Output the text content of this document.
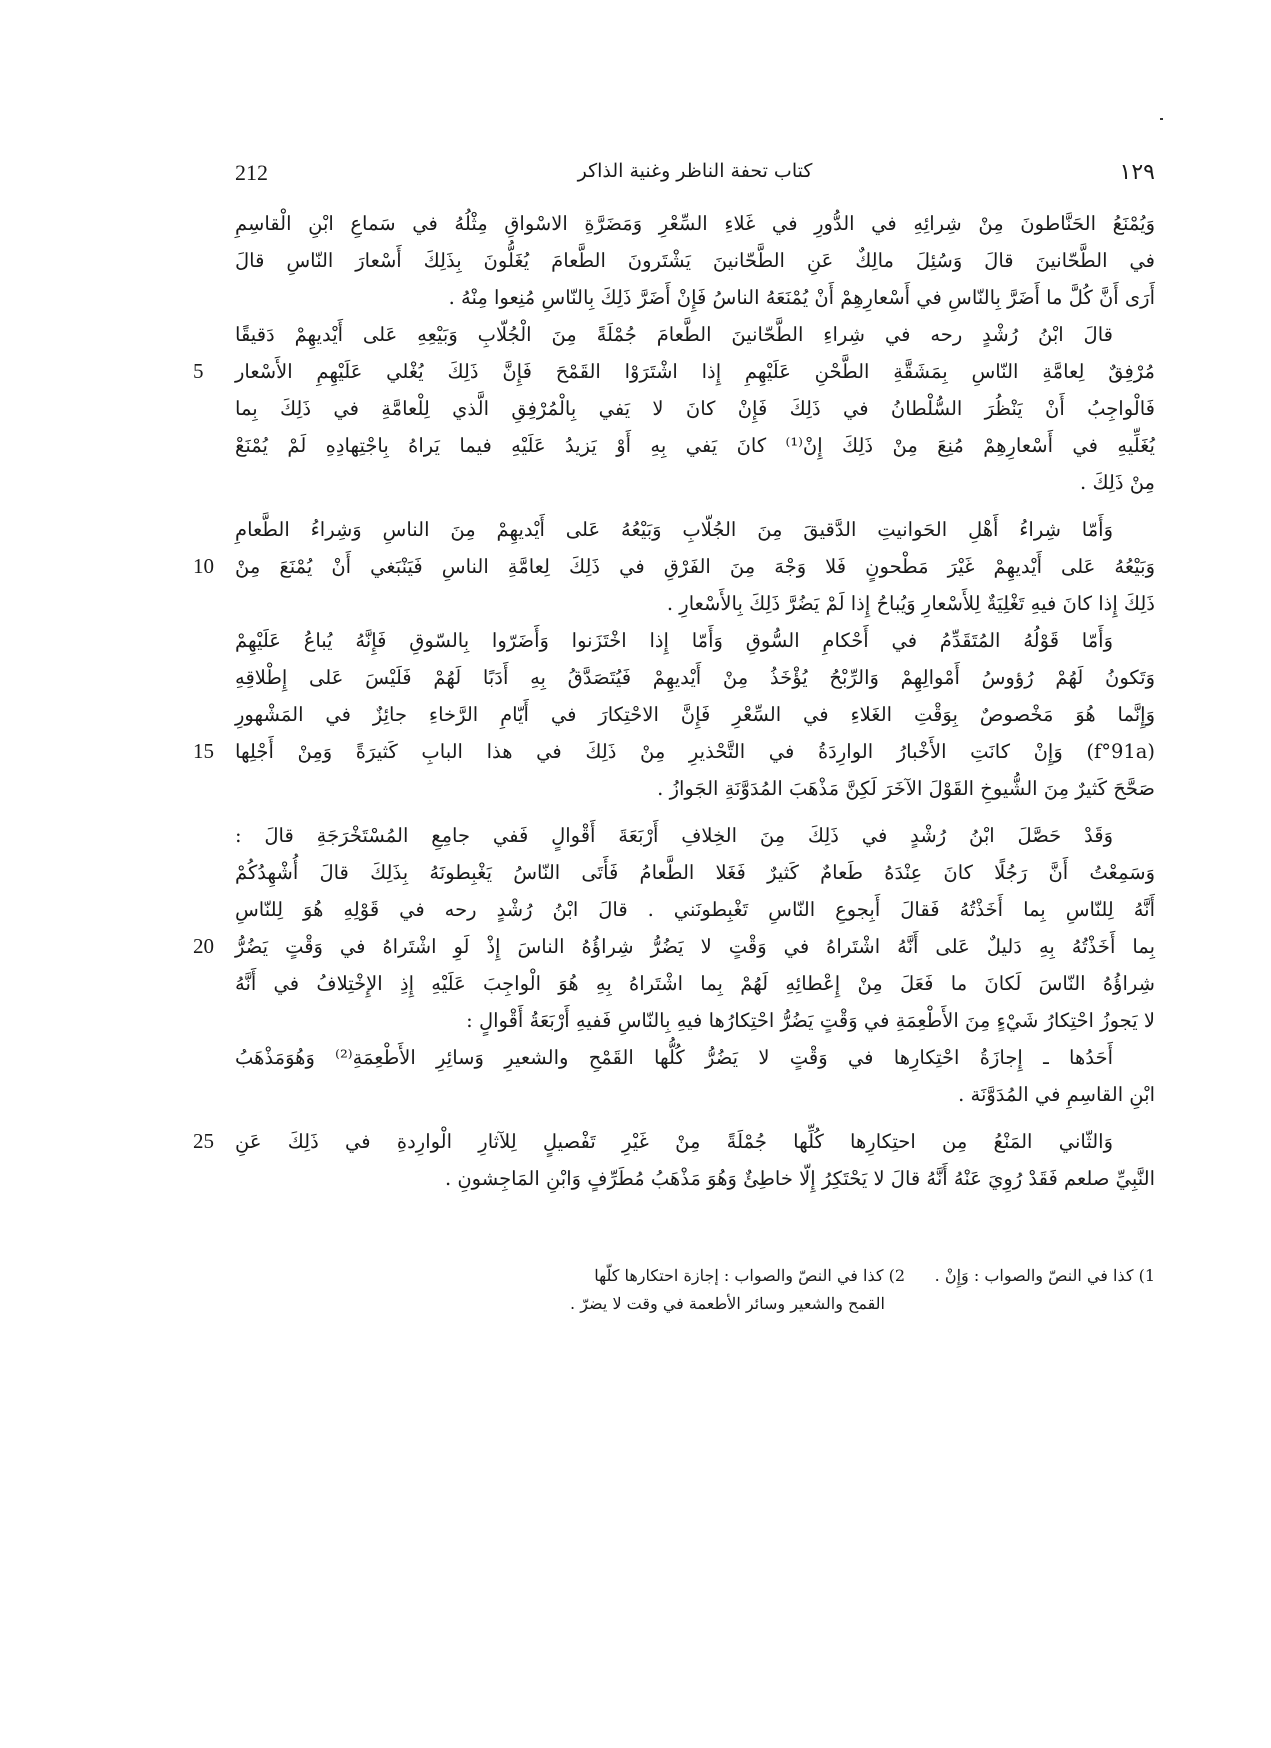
212	كتاب تحفة الناظر وغنية الذاكر	١٢٩
وَيُمْنَعُ الحَنَّاطونَ مِنْ شِرائِهِ في الدُّورِ في غَلاءِ السِّعْرِ وَمَضَرَّةِ الاسْواقِ مِثْلُهُ في سَماعِ ابْنِ الْقاسِمِ
في الطَّحّانينَ قالَ وَسُئِلَ مالِكٌ عَنِ الطَّحّانينَ يَشْتَرونَ الطَّعامَ يُغَلُّونَ بِذَلِكَ أَسْعارَ النّاسِ قالَ
أَرَى أَنَّ كُلَّ ما أَضَرَّ بِالنّاسِ في أَسْعارِهِمْ أَنْ يُمْنَعَهُ الناسُ فَإِنْ أَضَرَّ ذَلِكَ بِالنّاسِ مُنِعوا مِنْهُ .
قالَ ابْنُ رُشْدٍ رحه في شِراءِ الطَّحّانينَ الطَّعامَ جُمْلَةً مِنَ الْجُلّابِ وَبَيْعِهِ عَلى أَيْديهِمْ دَقيقًا
مُرْفِقٌ لِعامَّةِ النّاسِ بِمَشَقَّةِ الطَّحْنِ عَلَيْهِمِ إِذا اشْتَرَوْا القَمْحَ فَإِنَّ ذَلِكَ يُغْلي عَلَيْهِمِ الأَسْعار
5
فَالْواجِبُ أَنْ يَنْظُرَ السُّلْطانُ في ذَلِكَ فَإِنْ كانَ لا يَفي بِالْمُرْفِقِ الَّذي لِلْعامَّةِ في ذَلِكَ بِما
يُغَلِّيهِ في أَسْعارِهِمْ مُنِعَ مِنْ ذَلِكَ إِنْ⁽¹⁾ كانَ يَفي بِهِ أَوْ يَزيدُ عَلَيْهِ فيما يَراهُ بِاجْتِهادِهِ لَمْ يُمْنَعْ
مِنْ ذَلِكَ .
وَأَمّا شِراءُ أَهْلِ الحَوانيتِ الدَّقيقَ مِنَ الجُلّابِ وَبَيْعُهُ عَلى أَيْديهِمْ مِنَ الناسِ وَشِراءُ الطَّعامِ
وَبَيْعُهُ عَلى أَيْديهِمْ غَيْرَ مَطْحونٍ فَلا وَجْهَ مِنَ الفَرْقِ في ذَلِكَ لِعامَّةِ الناسِ فَيَنْبَغي أَنْ يُمْنَعَ مِنْ
10
ذَلِكَ إِذا كانَ فيهِ تَغْلِيَةٌ لِلأَسْعارِ وَيُباحُ إِذا لَمْ يَضُرَّ ذَلِكَ بِالأَسْعارِ .
وَأَمّا قَوْلُهُ المُتَقَدِّمُ في أَحْكامِ السُّوقِ وَأَمّا إِذا اخْتَزَنوا وَأَضَرّوا بِالسّوقِ فَإِنَّهُ يُباعُ عَلَيْهِمْ
وَتَكونُ لَهُمْ رُؤوسُ أَمْوالِهِمْ وَالرِّبْحُ يُؤْخَذُ مِنْ أَيْديهِمْ فَيُتَصَدَّقُ بِهِ أَدَبًا لَهُمْ فَلَيْسَ عَلى إِطْلاقِهِ
وَإِنَّما هُوَ مَخْصوصٌ بِوَقْتِ الغَلاءِ في السِّعْرِ فَإِنَّ الاحْتِكارَ في أَيّامِ الرَّخاءِ جائِزٌ في المَشْهورِ
(f°91a) وَإِنْ كانَتِ الأَخْبارُ الوارِدَةُ في التَّحْذيرِ مِنْ ذَلِكَ في هذا البابِ كَثيرَةً وَمِنْ أَجْلِها
15
صَحَّحَ كَثيرٌ مِنَ الشُّيوخِ القَوْلَ الآخَرَ لَكِنَّ مَذْهَبَ المُدَوَّنَةِ الجَوازُ .
وَقَدْ حَصَّلَ ابْنُ رُشْدٍ في ذَلِكَ مِنَ الخِلافِ أَرْبَعَةَ أَقْوالٍ فَفي جامِعِ المُسْتَخْرَجَةِ قالَ :
وَسَمِعْتُ أَنَّ رَجُلًا كانَ عِنْدَهُ طَعامٌ كَثيرٌ فَغَلا الطَّعامُ فَأَتَى النّاسُ يَغْبِطونَهُ بِذَلِكَ قالَ أُشْهِدُكُمْ
أَنَّهُ لِلنّاسِ بِما أَخَذْتُهُ فَقالَ أَبِجوعِ النّاسِ تَغْبِطونَني . قالَ ابْنُ رُشْدٍ رحه في قَوْلِهِ هُوَ لِلنّاسِ
بِما أَخَذْتُهُ بِهِ دَليلٌ عَلى أَنَّهُ اشْتَراهُ في وَقْتٍ لا يَضُرُّ شِراؤُهُ الناسَ إِذْ لَوِ اشْتَراهُ في وَقْتٍ يَضُرُّ
20
شِراؤُهُ النّاسَ لَكانَ ما فَعَلَ مِنْ إِعْطائِهِ لَهُمْ بِما اشْتَراهُ بِهِ هُوَ الْواجِبَ عَلَيْهِ إِذِ الإِخْتِلافُ في أَنَّهُ
لا يَجوزُ احْتِكارُ شَيْءٍ مِنَ الأَطْعِمَةِ في وَقْتٍ يَضُرُّ احْتِكارُها فيهِ بِالنّاسِ فَفيهِ أَرْبَعَةُ أَقْوالٍ :
أَحَدُها ـ إِجازَةُ احْتِكارِها في وَقْتٍ لا يَضُرُّ كُلُّها القَمْحِ والشعيرِ وَسائِرِ الأَطْعِمَةِ⁽²⁾ وَهُوَمَذْهَبُ
ابْنِ القاسِمِ في المُدَوَّنَة .
وَالثّاني المَنْعُ مِن احتِكارِها كُلِّها جُمْلَةً مِنْ غَيْرِ تَفْصيلٍ لِلآثارِ الْوارِدةِ في ذَلِكَ عَنِ
25
النَّبِيِّ صلعم فَقَدْ رُوِيَ عَنْهُ أَنَّهُ قالَ لا يَحْتَكِرُ إِلّا خاطِئٌ وَهُوَ مَذْهَبُ مُطَرِّفٍ وَابْنِ المَاجِشونِ .
1) كذا في النصّ والصواب : وَإِنْ .2) كذا في النصّ والصواب : إجازة احتكارها كلّها
القمح والشعير وسائر الأطعمة في وقت لا يضرّ .
